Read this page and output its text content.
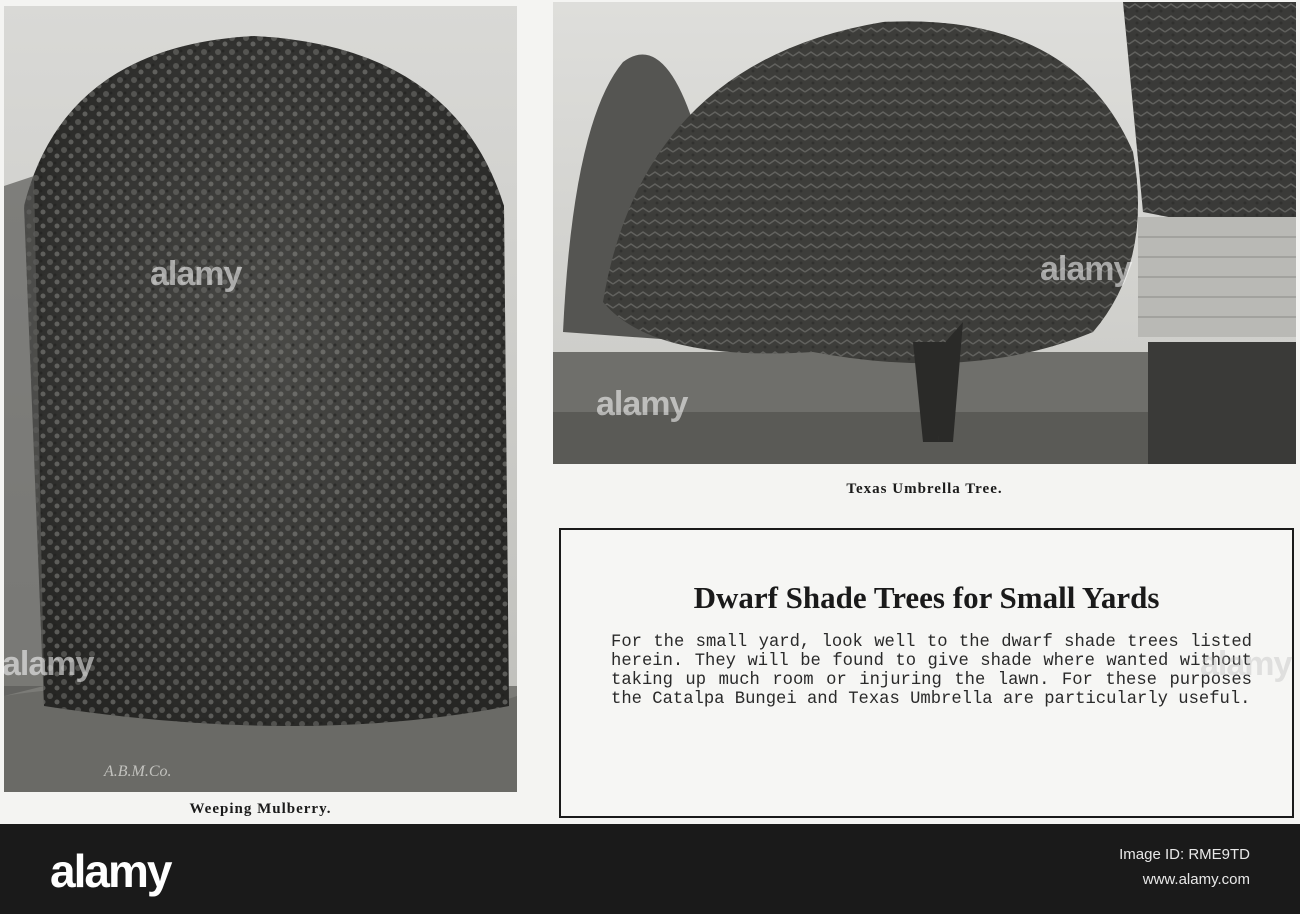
A.B.M.Co.
Weeping Mulberry.
Texas Umbrella Tree.
Dwarf Shade Trees for Small Yards

For the small yard, look well to the dwarf shade trees listed herein. They will be found to give shade where wanted without taking up much room or injuring the lawn. For these purposes the Catalpa Bungei and Texas Umbrella are particularly useful.

alamy
alamy
alamy
alamy	alamy
alamy	Image ID: RME9TD
www.alamy.com
